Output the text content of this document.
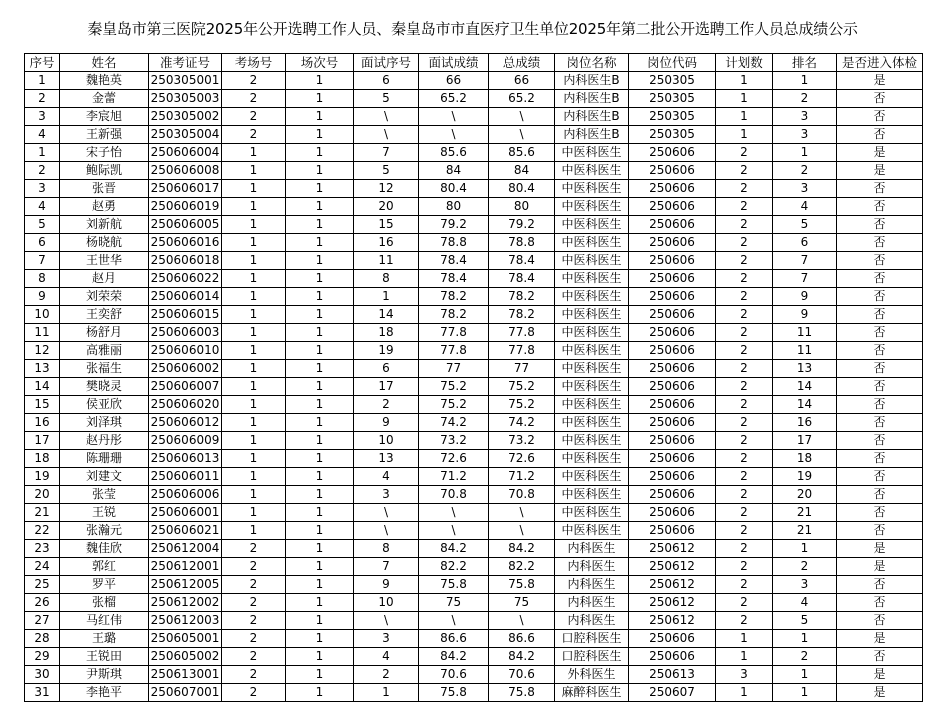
秦皇岛市第三医院2025年公开选聘工作人员、秦皇岛市市直医疗卫生单位2025年第二批公开选聘工作人员总成绩公示
序号	姓名	准考证号	考场号	场次号	面试序号	面试成绩	总成绩	岗位名称	岗位代码	计划数	排名	是否进入体检
1	魏艳英	250305001	2	1	6	66	66	内科医生B	250305	1	1	是
2	金蕾	250305003	2	1	5	65.2	65.2	内科医生B	250305	1	2	否
3	李宸旭	250305002	2	1	\	\	\	内科医生B	250305	1	3	否
4	王新强	250305004	2	1	\	\	\	内科医生B	250305	1	3	否
1	宋子怡	250606004	1	1	7	85.6	85.6	中医科医生	250606	2	1	是
2	鲍际凯	250606008	1	1	5	84	84	中医科医生	250606	2	2	是
3	张晋	250606017	1	1	12	80.4	80.4	中医科医生	250606	2	3	否
4	赵勇	250606019	1	1	20	80	80	中医科医生	250606	2	4	否
5	刘新航	250606005	1	1	15	79.2	79.2	中医科医生	250606	2	5	否
6	杨晓航	250606016	1	1	16	78.8	78.8	中医科医生	250606	2	6	否
7	王世华	250606018	1	1	11	78.4	78.4	中医科医生	250606	2	7	否
8	赵月	250606022	1	1	8	78.4	78.4	中医科医生	250606	2	7	否
9	刘荣荣	250606014	1	1	1	78.2	78.2	中医科医生	250606	2	9	否
10	王奕舒	250606015	1	1	14	78.2	78.2	中医科医生	250606	2	9	否
11	杨舒月	250606003	1	1	18	77.8	77.8	中医科医生	250606	2	11	否
12	高雅丽	250606010	1	1	19	77.8	77.8	中医科医生	250606	2	11	否
13	张福生	250606002	1	1	6	77	77	中医科医生	250606	2	13	否
14	樊晓灵	250606007	1	1	17	75.2	75.2	中医科医生	250606	2	14	否
15	侯亚欣	250606020	1	1	2	75.2	75.2	中医科医生	250606	2	14	否
16	刘泽琪	250606012	1	1	9	74.2	74.2	中医科医生	250606	2	16	否
17	赵丹彤	250606009	1	1	10	73.2	73.2	中医科医生	250606	2	17	否
18	陈珊珊	250606013	1	1	13	72.6	72.6	中医科医生	250606	2	18	否
19	刘建文	250606011	1	1	4	71.2	71.2	中医科医生	250606	2	19	否
20	张莹	250606006	1	1	3	70.8	70.8	中医科医生	250606	2	20	否
21	王锐	250606001	1	1	\	\	\	中医科医生	250606	2	21	否
22	张瀚元	250606021	1	1	\	\	\	中医科医生	250606	2	21	否
23	魏佳欣	250612004	2	1	8	84.2	84.2	内科医生	250612	2	1	是
24	郭红	250612001	2	1	7	82.2	82.2	内科医生	250612	2	2	是
25	罗平	250612005	2	1	9	75.8	75.8	内科医生	250612	2	3	否
26	张榴	250612002	2	1	10	75	75	内科医生	250612	2	4	否
27	马红伟	250612003	2	1	\	\	\	内科医生	250612	2	5	否
28	王璐	250605001	2	1	3	86.6	86.6	口腔科医生	250606	1	1	是
29	王锐田	250605002	2	1	4	84.2	84.2	口腔科医生	250606	1	2	否
30	尹斯琪	250613001	2	1	2	70.6	70.6	外科医生	250613	3	1	是
31	李艳平	250607001	2	1	1	75.8	75.8	麻醉科医生	250607	1	1	是
